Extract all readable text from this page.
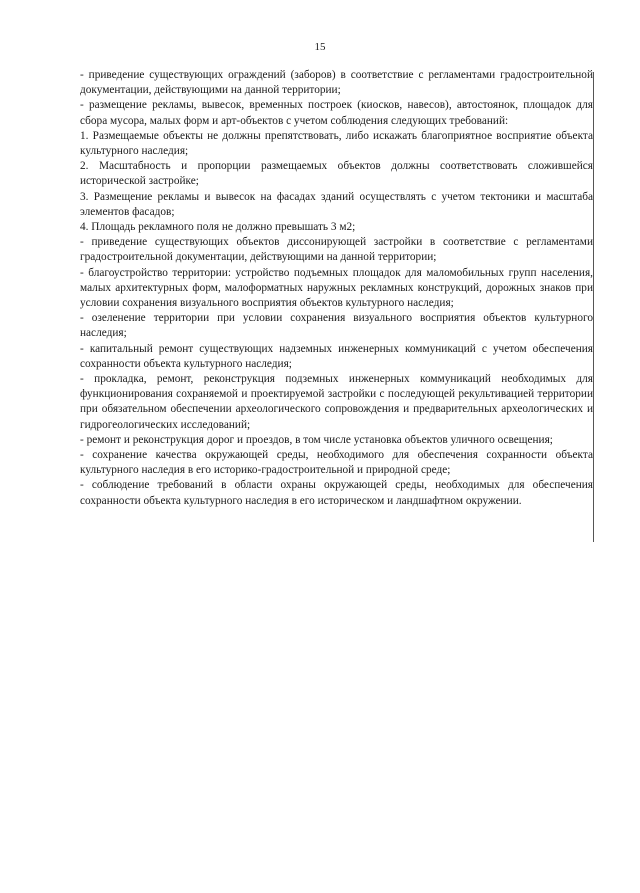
15

- приведение существующих ограждений (заборов) в соответствие с регламентами градостроительной документации, действующими на данной территории;

- размещение рекламы, вывесок, временных построек (киосков, навесов), автостоянок, площадок для сбора мусора, малых форм и арт-объектов с учетом соблюдения следующих требований:

1. Размещаемые объекты не должны препятствовать, либо искажать благоприятное восприятие объекта культурного наследия;

2. Масштабность и пропорции размещаемых объектов должны соответствовать сложившейся исторической застройке;

3. Размещение рекламы и вывесок на фасадах зданий осуществлять с учетом тектоники и масштаба элементов фасадов;

4. Площадь рекламного поля не должно превышать 3 м2;

- приведение существующих объектов диссонирующей застройки в соответствие с регламентами градостроительной документации, действующими на данной территории;

- благоустройство территории: устройство подъемных площадок для маломобильных групп населения, малых архитектурных форм, малоформатных наружных рекламных конструкций, дорожных знаков при условии сохранения визуального восприятия объектов культурного наследия;

- озеленение территории при условии сохранения визуального восприятия объектов культурного наследия;

- капитальный ремонт существующих надземных инженерных коммуникаций с учетом обеспечения сохранности объекта культурного наследия;

- прокладка, ремонт, реконструкция подземных инженерных коммуникаций необходимых для функционирования сохраняемой и проектируемой застройки с последующей рекультивацией территории при обязательном обеспечении археологического сопровождения и предварительных археологических и гидрогеологических исследований;

- ремонт и реконструкция дорог и проездов, в том числе установка объектов уличного освещения;

- сохранение качества окружающей среды, необходимого для обеспечения сохранности объекта культурного наследия в его историко-градостроительной и природной среде;

- соблюдение требований в области охраны окружающей среды, необходимых для обеспечения сохранности объекта культурного наследия в его историческом и ландшафтном окружении.
